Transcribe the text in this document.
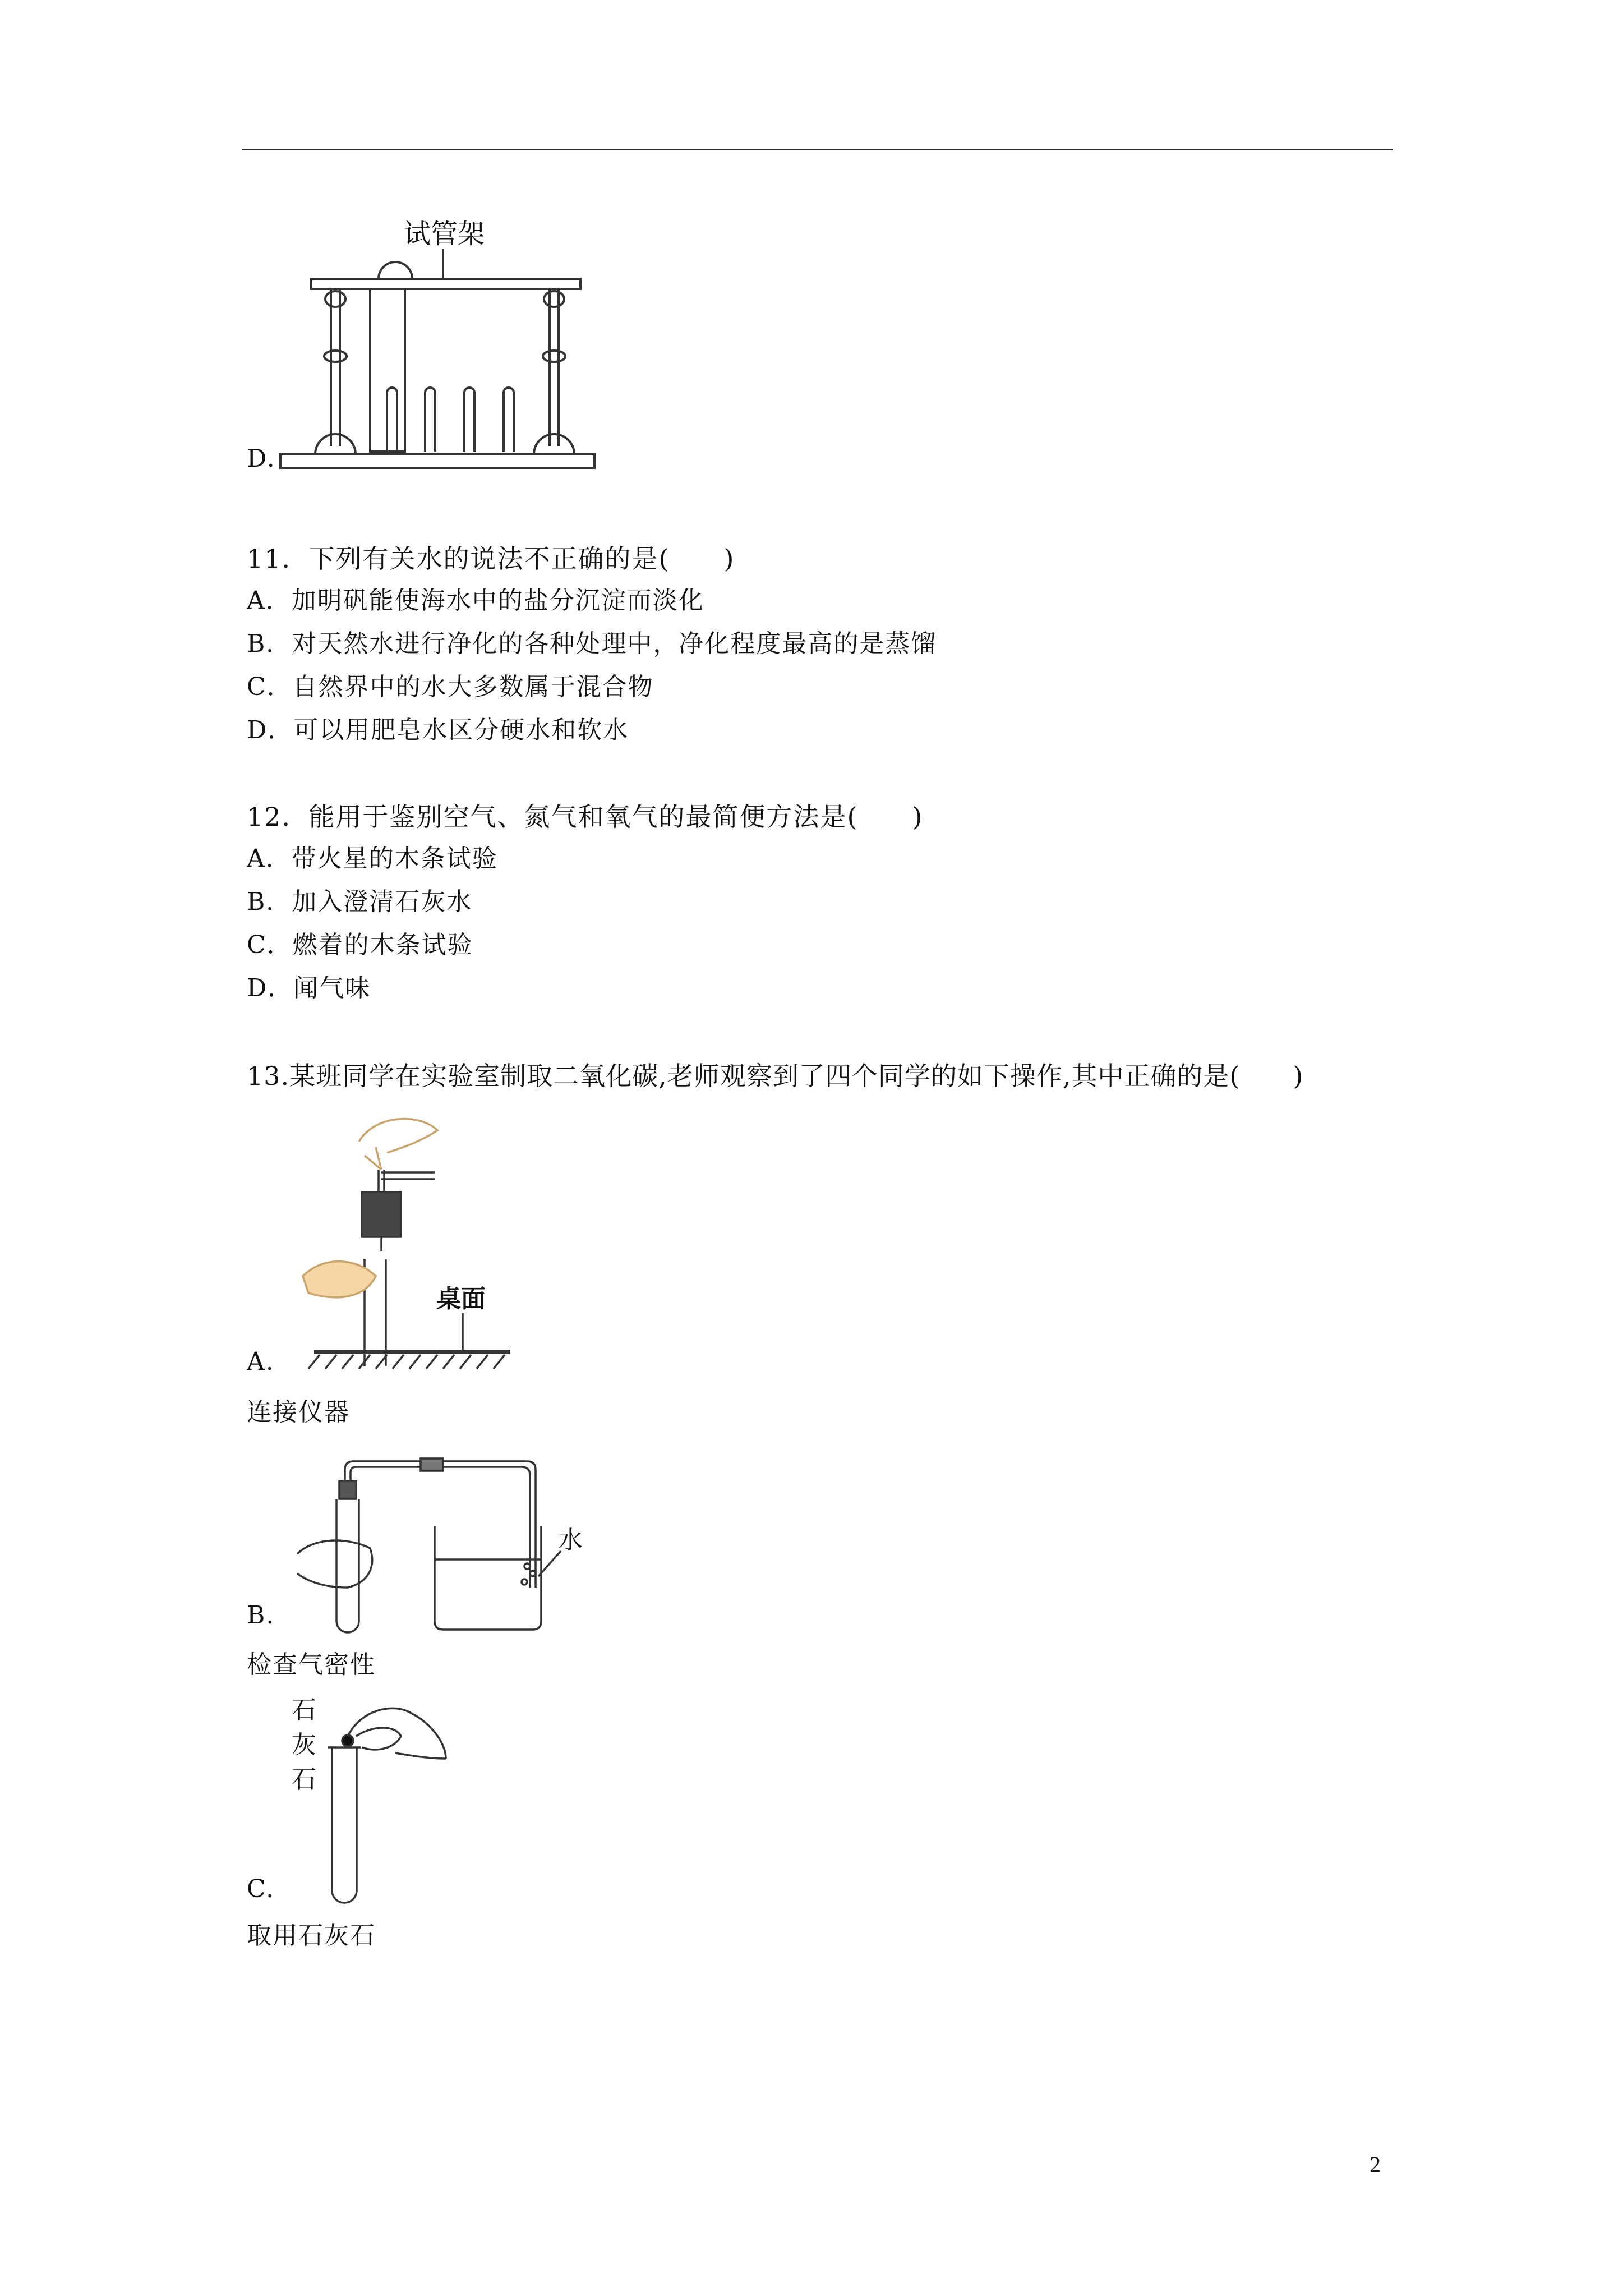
试管架
D.
11．下列有关水的说法不正确的是(　　)
A．加明矾能使海水中的盐分沉淀而淡化
B．对天然水进行净化的各种处理中，净化程度最高的是蒸馏
C．自然界中的水大多数属于混合物
D．可以用肥皂水区分硬水和软水
12．能用于鉴别空气、氮气和氧气的最简便方法是(　　)
A．带火星的木条试验
B．加入澄清石灰水
C．燃着的木条试验
D．闻气味
13.某班同学在实验室制取二氧化碳,老师观察到了四个同学的如下操作,其中正确的是(　　)
桌面
A.
连接仪器
水
B.
检查气密性
石
灰
石
C.
取用石灰石
2
